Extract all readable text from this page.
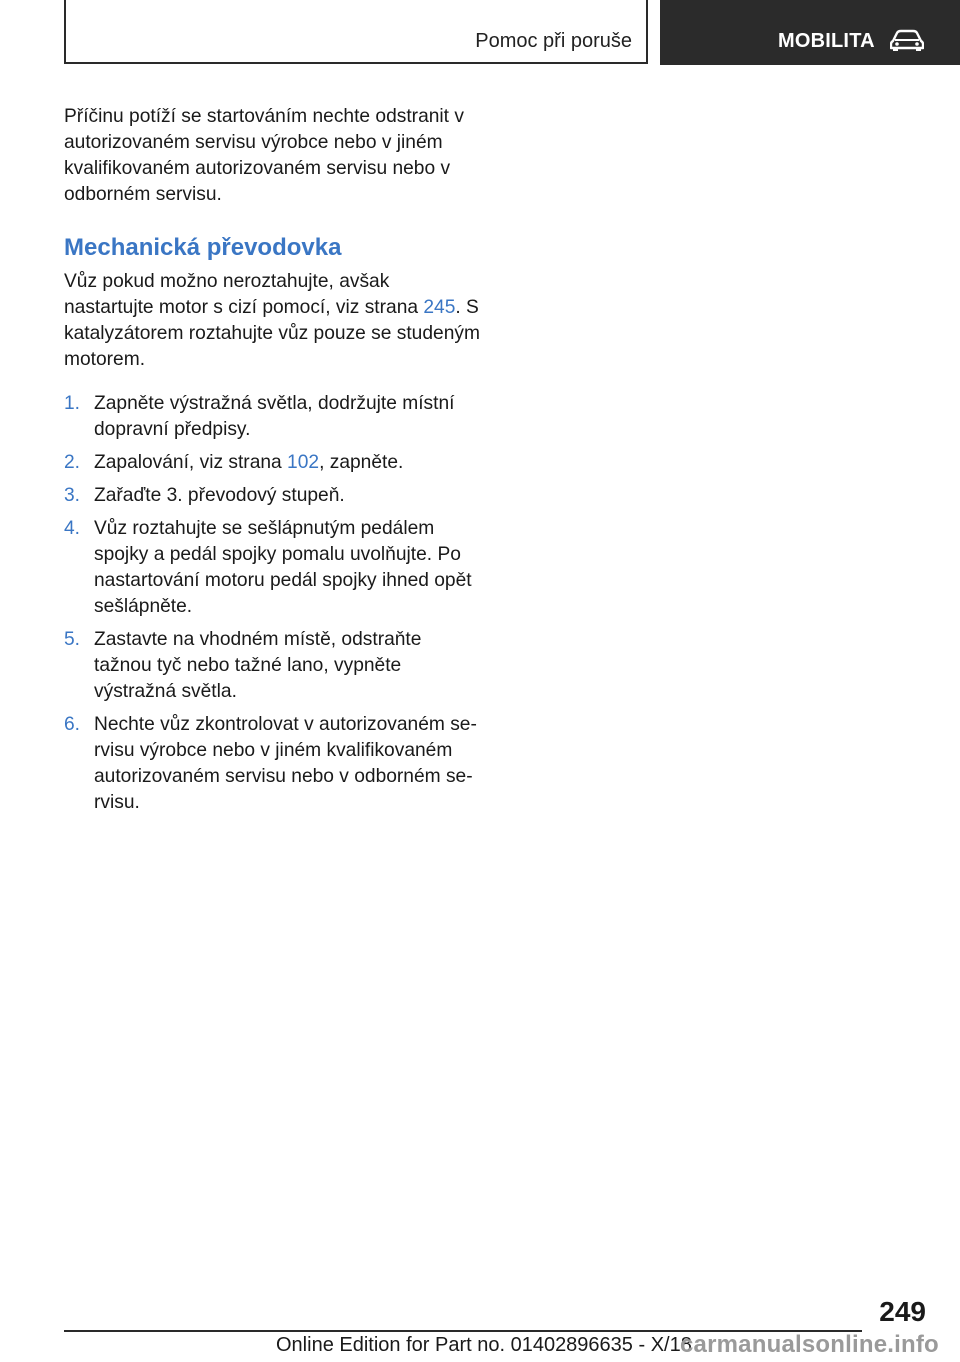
Pomoc při poruše	MOBILITA

Příčinu potíží se startováním nechte odstranit v autorizovaném servisu výrobce nebo v jiném kvalifikovaném autorizovaném servisu nebo v odborném servisu.

Mechanická převodovka

Vůz pokud možno neroztahujte, avšak nastartujte motor s cizí pomocí, viz strana 245. S katalyzátorem roztahujte vůz pouze se studeným motorem.

1. Zapněte výstražná světla, dodržujte místní dopravní předpisy.
2. Zapalování, viz strana 102, zapněte.
3. Zařaďte 3. převodový stupeň.
4. Vůz roztahujte se sešlápnutým pedálem spojky a pedál spojky pomalu uvolňujte. Po nastartování motoru pedál spojky ihned opět sešlápněte.
5. Zastavte na vhodném místě, odstraňte tažnou tyč nebo tažné lano, vypněte výstražná světla.
6. Nechte vůz zkontrolovat v autorizovaném servisu výrobce nebo v jiném kvalifikovaném autorizovaném servisu nebo v odborném servisu.
249
Online Edition for Part no. 01402896635 - X/18
carmanualsonline.info
